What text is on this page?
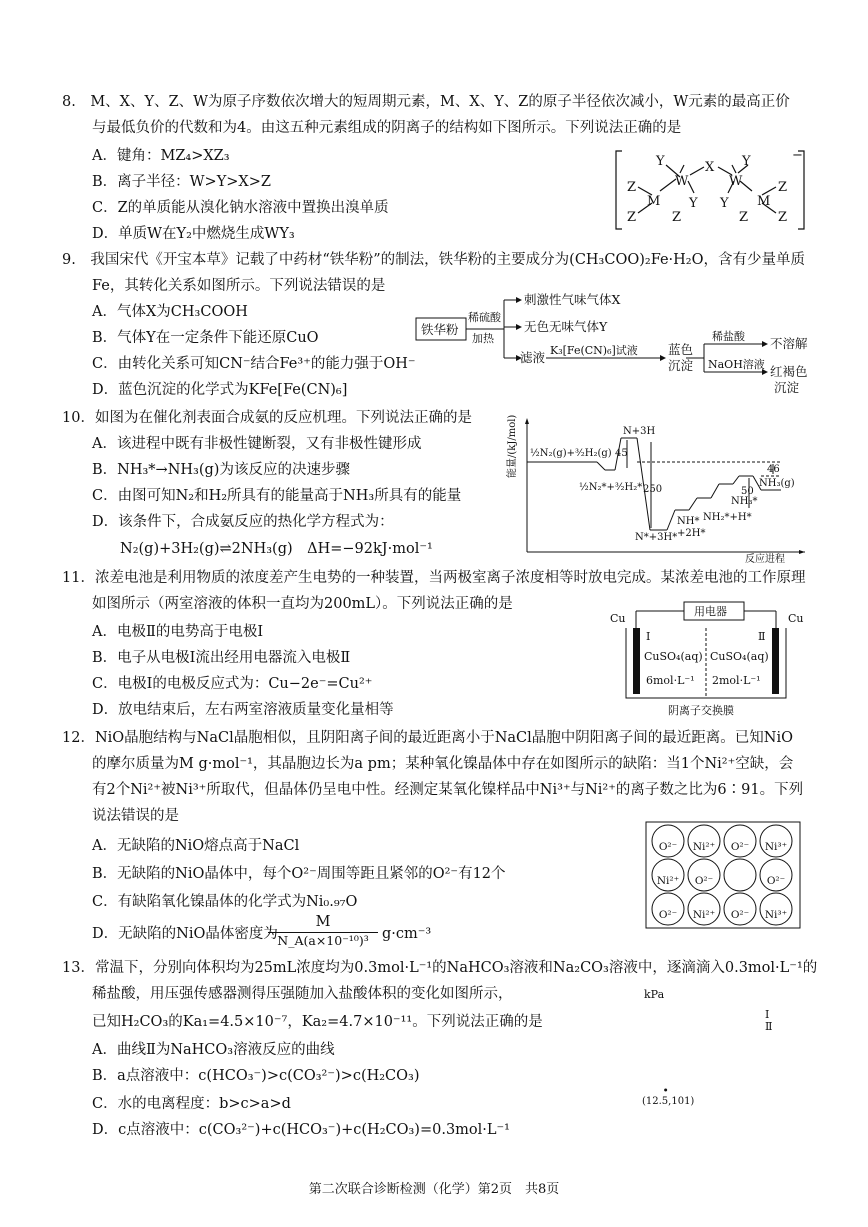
8.　M、X、Y、Z、W为原子序数依次增大的短周期元素，M、X、Y、Z的原子半径依次减小，W元素的最高正价
与最低负价的代数和为4。由这五种元素组成的阴离子的结构如下图所示。下列说法正确的是
A．键角：MZ₄>XZ₃
B．离子半径：W>Y>X>Z
C．Z的单质能从溴化钠水溶液中置换出溴单质
D．单质W在Y₂中燃烧生成WY₃
−
Y	X Y
Z	W	W	Z
Z
M	M
Z
Z
Y Y
Z
9.　我国宋代《开宝本草》记载了中药材“铁华粉”的制法，铁华粉的主要成分为(CH₃COO)₂Fe·H₂O，含有少量单质
Fe，其转化关系如图所示。下列说法错误的是
A．气体X为CH₃COOH
B．气体Y在一定条件下能还原CuO
C．由转化关系可知CN⁻结合Fe³⁺的能力强于OH⁻
D．蓝色沉淀的化学式为KFe[Fe(CN)₆]
铁华粉
稀硫酸
加热
刺激性气味气体X
无色无味气体Y
滤液 K₃[Fe(CN)₆]试液 蓝色
沉淀
稀盐酸 不溶解
NaOH溶液 红褐色
沉淀
10．如图为在催化剂表面合成氨的反应机理。下列说法正确的是
A．该进程中既有非极性键断裂，又有非极性键形成
B．NH₃*→NH₃(g)为该反应的决速步骤
C．由图可知N₂和H₂所具有的能量高于NH₃所具有的能量
D．该条件下，合成氨反应的热化学方程式为：
N₂(g)+3H₂(g)⇌2NH₃(g)　ΔH=−92kJ·mol⁻¹
能量/(kJ/mol)
反应进程
½N₂(g)+³⁄₂H₂(g)
N+3H
45
46
½N₂*+³⁄₂H₂* 250	50
NH₃(g)
NH₃*
NH* NH₂*+H*
+2H*
N*+3H*
11．浓差电池是利用物质的浓度差产生电势的一种装置，当两极室离子浓度相等时放电完成。某浓差电池的工作原理
如图所示（两室溶液的体积一直均为200mL）。下列说法正确的是
A．电极Ⅱ的电势高于电极Ⅰ
B．电子从电极Ⅰ流出经用电器流入电极Ⅱ
C．电极Ⅰ的电极反应式为：Cu−2e⁻=Cu²⁺
D．放电结束后，左右两室溶液质量变化量相等
Cu	Cu
用电器
Ⅰ	Ⅱ
CuSO₄(aq)
6mol·L⁻¹
CuSO₄(aq)
2mol·L⁻¹
阴离子交换膜
12．NiO晶胞结构与NaCl晶胞相似，且阴阳离子间的最近距离小于NaCl晶胞中阴阳离子间的最近距离。已知NiO
的摩尔质量为M g·mol⁻¹，其晶胞边长为a pm；某种氧化镍晶体中存在如图所示的缺陷：当1个Ni²⁺空缺，会
有2个Ni²⁺被Ni³⁺所取代，但晶体仍呈电中性。经测定某氧化镍样品中Ni³⁺与Ni²⁺的离子数之比为6∶91。下列
说法错误的是
A．无缺陷的NiO熔点高于NaCl
B．无缺陷的NiO晶体中，每个O²⁻周围等距且紧邻的O²⁻有12个
C．有缺陷氧化镍晶体的化学式为Ni₀.₉₇O
D．无缺陷的NiO晶体密度为
$\frac{M}{\text{N\_A(a×10⁻¹⁰)³}} g\cdot cm^{-3}$
O²⁻ Ni²⁺ O²⁻ Ni³⁺
Ni²⁺ O²⁻	O²⁻
O²⁻ Ni²⁺ O²⁻ Ni³⁺
13．常温下，分别向体积均为25mL浓度均为0.3mol·L⁻¹的NaHCO₃溶液和Na₂CO₃溶液中，逐滴滴入0.3mol·L⁻¹的
稀盐酸，用压强传感器测得压强随加入盐酸体积的变化如图所示，
已知H₂CO₃的Ka₁=4.5×10⁻⁷，Ka₂=4.7×10⁻¹¹。下列说法正确的是
A．曲线Ⅱ为NaHCO₃溶液反应的曲线
B．a点溶液中：c(HCO₃⁻)>c(CO₃²⁻)>c(H₂CO₃)
C．水的电离程度：b>c>a>d
D．c点溶液中：c(CO₃²⁻)+c(HCO₃⁻)+c(H₂CO₃)=0.3mol·L⁻¹
kPa
Ⅰ
Ⅱ
●
(12.5,101)
第二次联合诊断检测（化学）第2页　共8页
